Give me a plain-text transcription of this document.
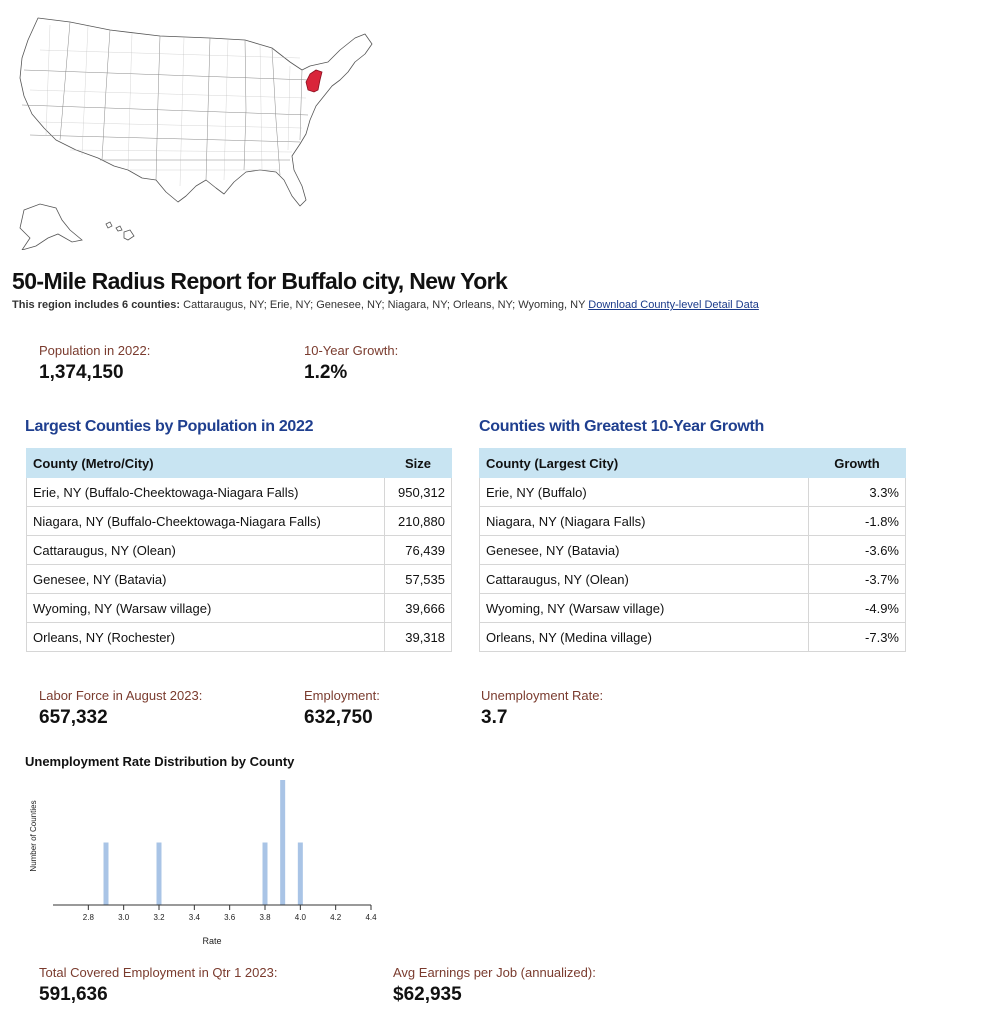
50-Mile Radius Report for Buffalo city, New York
This region includes 6 counties: Cattaraugus, NY; Erie, NY; Genesee, NY; Niagara, NY; Orleans, NY; Wyoming, NY Download County-level Detail Data
Population in 2022:
1,374,150
10-Year Growth:
1.2%
Largest Counties by Population in 2022	Counties with Greatest 10-Year Growth
County (Metro/City)	Size
Erie, NY (Buffalo-Cheektowaga-Niagara Falls)	950,312
Niagara, NY (Buffalo-Cheektowaga-Niagara Falls)	210,880
Cattaraugus, NY (Olean)	76,439
Genesee, NY (Batavia)	57,535
Wyoming, NY (Warsaw village)	39,666
Orleans, NY (Rochester)	39,318
County (Largest City)	Growth
Erie, NY (Buffalo)	3.3%
Niagara, NY (Niagara Falls)	-1.8%
Genesee, NY (Batavia)	-3.6%
Cattaraugus, NY (Olean)	-3.7%
Wyoming, NY (Warsaw village)	-4.9%
Orleans, NY (Medina village)	-7.3%
Labor Force in August 2023:
657,332
Employment:
632,750
Unemployment Rate:
3.7
Unemployment Rate Distribution by County
2.8	3.0	3.2	3.4	3.6	3.8	4.0	4.2	4.4
Rate
Number of Counties
Total Covered Employment in Qtr 1 2023:
591,636
Avg Earnings per Job (annualized):
$62,935
